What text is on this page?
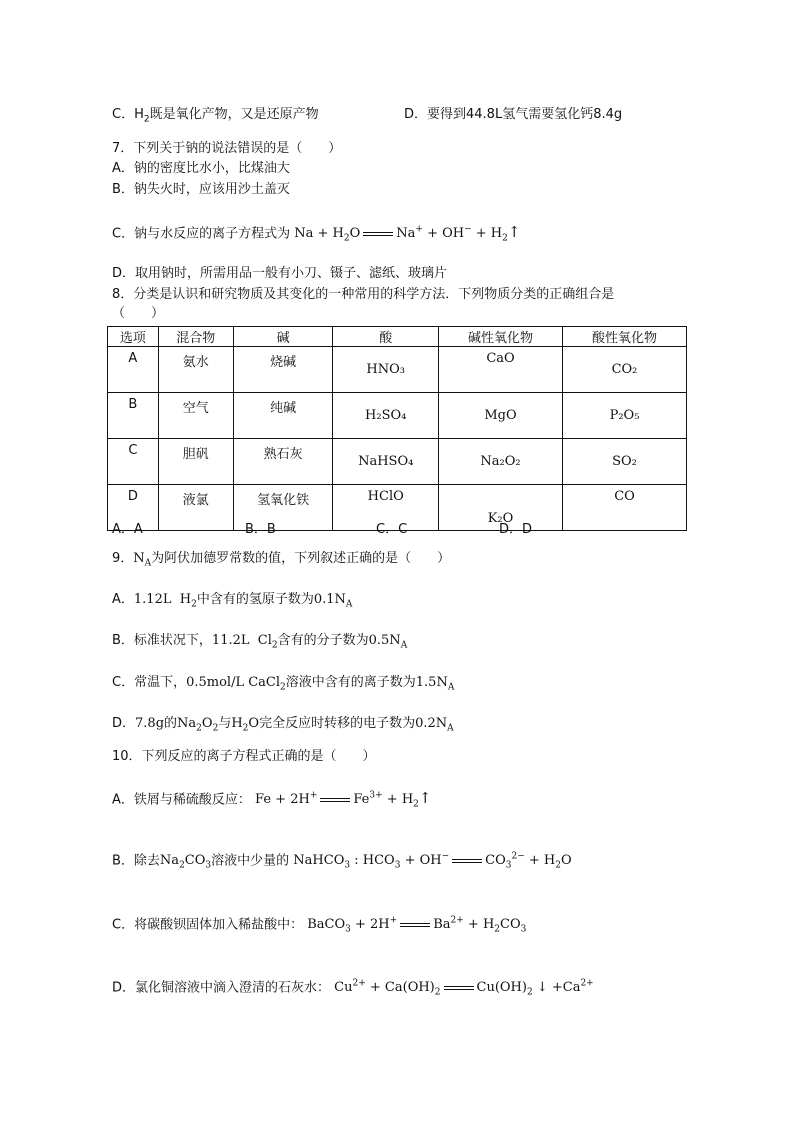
C．$H_2$既是氧化产物，又是还原产物	D．要得到44.8L氢气需要氢化钙8.4g
7．下列关于钠的说法错误的是（　　）
A．钠的密度比水小，比煤油大
B．钠失火时，应该用沙土盖灭
C．钠与水反应的离子方程式为 $Na + H_2O$	$Na^+ + OH^- + H_2↑$
D．取用钠时，所需用品一般有小刀、镊子、滤纸、玻璃片
8．分类是认识和研究物质及其变化的一种常用的科学方法．下列物质分类的正确组合是
（　　）
选项	混合物	碱	酸	碱性氧化物	酸性氧化物
A	氨水	烧碱	HNO₃	CaO	CO₂
B	空气	纯碱	H₂SO₄	MgO	P₂O₅
C	胆矾	熟石灰	NaHSO₄	Na₂O₂	SO₂
D	液氯	氢氧化铁	HClO	K₂O	CO
A．A	B．B	C．C	D．D
9．$N_A$为阿伏加德罗常数的值，下列叙述正确的是（　　）
A．1.12L  $H_2$中含有的氢原子数为$0.1N_A$
B．标准状况下，11.2L  $Cl_2$含有的分子数为$0.5N_A$
C．常温下，0.5mol/L CaCl$_2$溶液中含有的离子数为$1.5N_A$
D．7.8g的$Na_2O_2$与$H_2O$完全反应时转移的电子数为$0.2N_A$
10．下列反应的离子方程式正确的是（　　）
A．铁屑与稀硫酸反应： Fe + 2H+	$Fe^{3+}$ + $H_2↑$
B．除去$Na_2CO_3$溶液中少量的 NaHCO$_3$ : $HCO_3 + OH^-$	$CO_3^{2-} + H_2O$
C．将碳酸钡固体加入稀盐酸中： BaCO$_3$ + 2H+	$Ba^{2+} + H_2CO_3$
D．氯化铜溶液中滴入澄清的石灰水： $Cu^{2+} + Ca(OH)_2$	$Cu(OH)_2$ ↓ $+Ca^{2+}$
